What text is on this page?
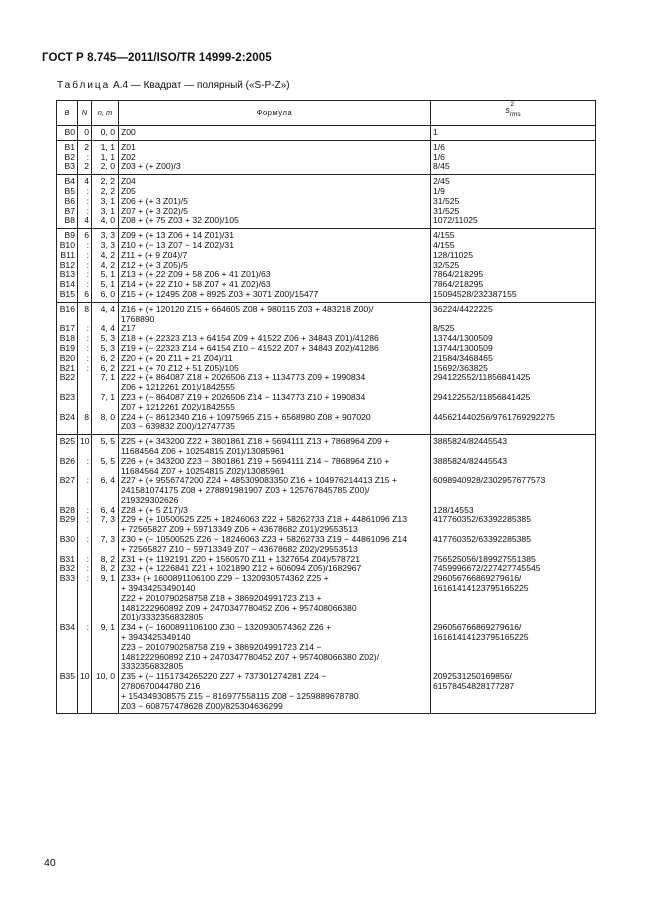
ГОСТ Р 8.745—2011/ISO/TR 14999-2:2005
Таблица А.4 — Квадрат — полярный («S-P-Z»)
B	N	n, m	Формула	s
2
$_{rms}$
B0	0	0, 0	Z00	1

B1	2	1, 1	Z01	1/6

B2	:	1, 1	Z02	1/6

B3	2	2, 0	Z03 + (+ Z00)/3	8/45

B4	4	2, 2	Z04	2/45

B5	:	2, 2	Z05	1/9

B6	:	3, 1	Z06 + (+ 3 Z01)/5	31/525

B7	:	3, 1	Z07 + (+ 3 Z02)/5	31/525

B8	4	4, 0	Z08 + (+ 75 Z03 + 32 Z00)/105	1072/11025

B9	6	3, 3	Z09 + (+ 13 Z06 + 14 Z01)/31	4/155

B10	:	3, 3	Z10 + (− 13 Z07 − 14 Z02)/31	4/155

B11	:	4, 2	Z11 + (+ 9 Z04)/7	128/11025

B12	:	4, 2	Z12 + (+ 3 Z05)/5	32/525

B13	:	5, 1	Z13 + (+ 22 Z09 + 58 Z06 + 41 Z01)/63	7864/218295

B14	:	5, 1	Z14 + (+ 22 Z10 + 58 Z07 + 41 Z02)/63	7864/218295

B15	6	6, 0	Z15 + (+ 12495 Z08 + 8925 Z03 + 3071 Z00)/15477	15094528/232387155

B16	8	4, 4	Z16 + (+ 120120 Z15 + 664605 Z08 + 980115 Z03 + 483218 Z00)/
1768890	36224/4422225

B17	:	4, 4	Z17	8/525

B18	:	5, 3	Z18 + (+ 22323 Z13 + 64154 Z09 + 41522 Z06 + 34843 Z01)/41286	13744/1300509

B19	:	5, 3	Z19 + (− 22323 Z14 + 64154 Z10 − 41522 Z07 + 34843 Z02)/41286	13744/1300509

B20	:	6, 2	Z20 + (+ 20 Z11 + 21 Z04)/11	21584/3468465

B21	:	6, 2	Z21 + (+ 70 Z12 + 51 Z05)/105	15692/363825

B22		7, 1	Z22 + (+ 864087 Z18 + 2026506 Z13 + 1134773 Z09 + 1990834
Z06 + 1212261 Z01)/1842555	294122552/11856841425

B23		7, 1	Z23 + (− 864087 Z19 + 2026506 Z14 − 1134773 Z10 + 1990834
Z07 + 1212261 Z02)/1842555	294122552/11856841425

B24	8	8, 0	Z24 + (− 8612340 Z16 + 10975965 Z15 + 6568980 Z08 + 907020
Z03 − 639832 Z00)/12747735	445621440256/9761769292275

B25	10	5, 5	Z25 + (+ 343200 Z22 + 3801861 Z18 + 5694111 Z13 + 7868964 Z09 +
11684564 Z06 + 10254815 Z01)/13085961	3885824/82445543

B26	:	5, 5	Z26 + (+ 343200 Z23 − 3801861 Z19 + 5694111 Z14 − 7868964 Z10 +
11684564 Z07 + 10254815 Z02)/13085961	3885824/82445543

B27	:	6, 4	Z27 + (+ 9556747200 Z24 + 485309083350 Z16 + 104976214413 Z15 +
241581074175 Z08 + 278891981907 Z03 + 125767845785 Z00)/
219329302626	6098940928/2302957677573

B28	:	6, 4	Z28 + (+ 5 Z17)/3	128/14553

B29	:	7, 3	Z29 + (+ 10500525 Z25 + 18246063 Z22 + 58262733 Z18 + 44861096 Z13
+ 72565827 Z09 + 59713349 Z06 + 43678682 Z01)/29553513	417760352/63392285385

B30	:	7, 3	Z30 + (− 10500525 Z26 − 18246063 Z23 + 58262733 Z19 − 44861096 Z14
+ 72565827 Z10 − 59713349 Z07 − 43678682 Z02)/29553513	417760352/63392285385

B31	:	8, 2	Z31 + (+ 1192191 Z20 + 1560570 Z11 + 1327654 Z04)/578721	756525056/189927551385

B32	:	8, 2	Z32 + (+ 1226841 Z21 + 1021890 Z12 + 606094 Z05)/1682967	7459996672/227427745545

B33	:	9, 1	Z33+ (+ 1600891106100 Z29 − 1320930574362 Z25 +
+ 39434253490140
Z22 + 2010790258758 Z18 + 3869204991723 Z13 +
1481222960892 Z09 + 2470347780452 Z06 + 957408066380
Z01)/3332356832805	296056766869279616/
16161414123795165225

B34	:	9, 1	Z34 + (− 1600891106100 Z30 − 1320930574362 Z26 +
+ 3943425349140
Z23 − 2010790258758 Z19 + 3869204991723 Z14 −
1481222960892 Z10 + 2470347780452 Z07 + 957408066380 Z02)/
3332356832805	296056766869279616/
16161414123795165225

B35	10	10, 0	Z35 + (− 1151734265220 Z27 + 737301274281 Z24 −
2780670044780 Z16
+ 154349308575 Z15 − 816977558115 Z08 − 1259889678780
Z03 − 608757478628 Z00)/825304636299	2092531250169856/
61578454828177287
40
